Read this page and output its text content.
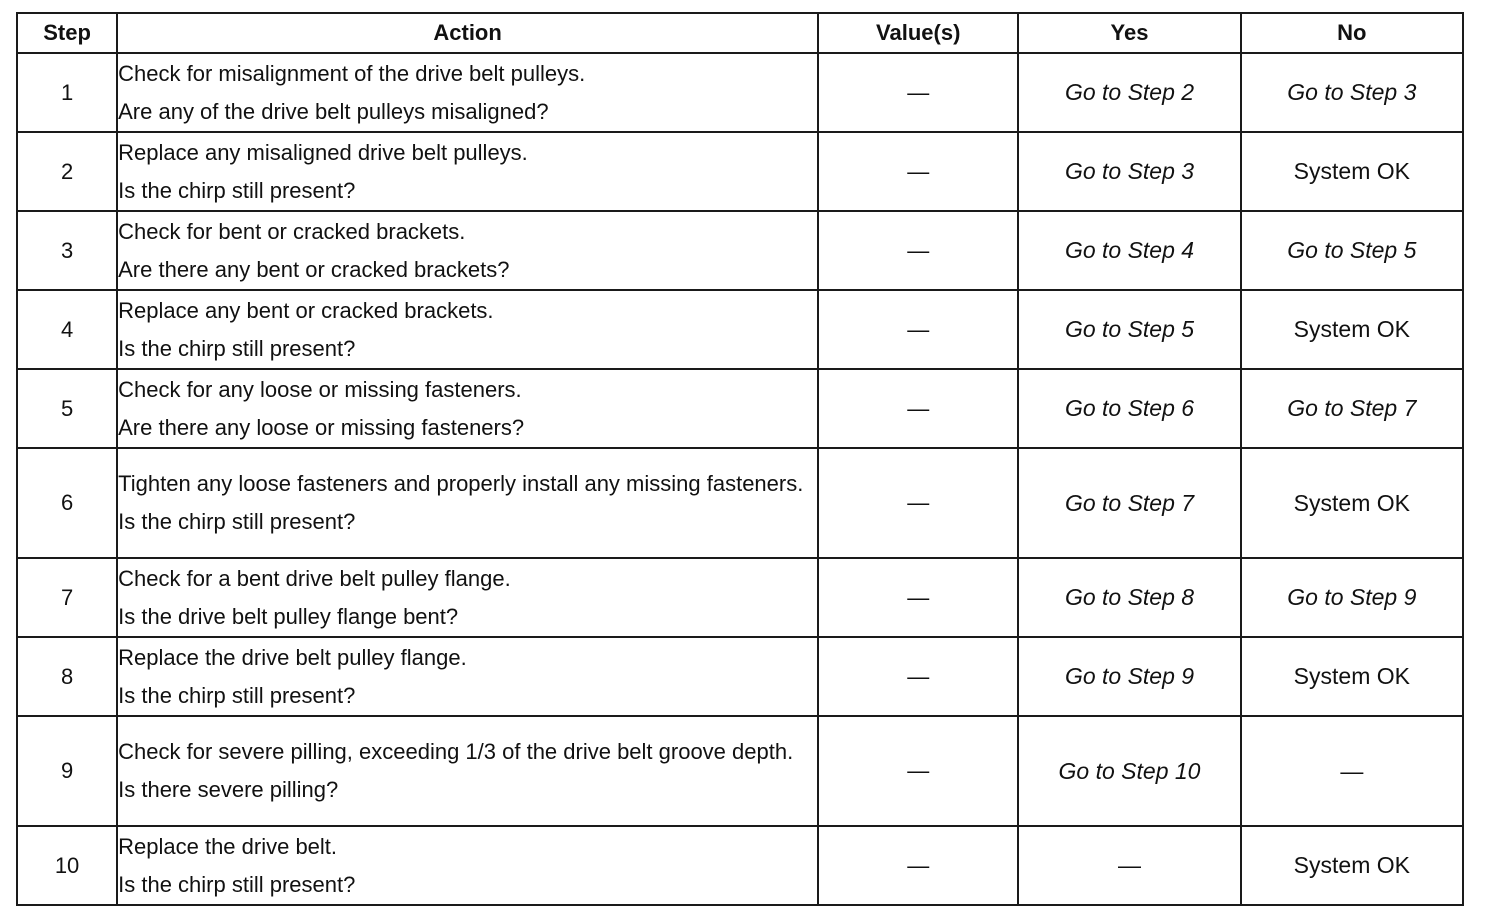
Step	Action	Value(s)	Yes	No
1	Check for misalignment of the drive belt pulleys.
Are any of the drive belt pulleys misaligned?	—	Go to Step 2	Go to Step 3
2	Replace any misaligned drive belt pulleys.
Is the chirp still present?	—	Go to Step 3	System OK
3	Check for bent or cracked brackets.
Are there any bent or cracked brackets?	—	Go to Step 4	Go to Step 5
4	Replace any bent or cracked brackets.
Is the chirp still present?	—	Go to Step 5	System OK
5	Check for any loose or missing fasteners.
Are there any loose or missing fasteners?	—	Go to Step 6	Go to Step 7
6	Tighten any loose fasteners and properly install any missing fasteners.
Is the chirp still present?	—	Go to Step 7	System OK
7	Check for a bent drive belt pulley flange.
Is the drive belt pulley flange bent?	—	Go to Step 8	Go to Step 9
8	Replace the drive belt pulley flange.
Is the chirp still present?	—	Go to Step 9	System OK
9	Check for severe pilling, exceeding 1/3 of the drive belt groove depth.
Is there severe pilling?	—	Go to Step 10	—
10	Replace the drive belt.
Is the chirp still present?	—	—	System OK
